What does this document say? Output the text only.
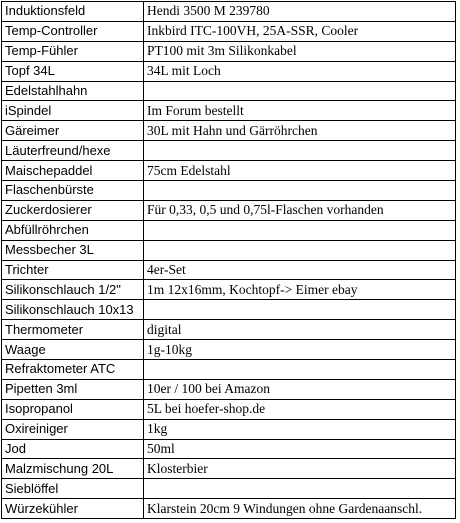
Induktionsfeld	Hendi 3500 M 239780
Temp-Controller	Inkbird ITC-100VH, 25A-SSR, Cooler
Temp-Fühler	PT100 mit 3m Silikonkabel
Topf 34L	34L mit Loch
Edelstahlhahn	
iSpindel	Im Forum bestellt
Gäreimer	30L mit Hahn und Gärröhrchen
Läuterfreund/hexe	
Maischepaddel	75cm Edelstahl
Flaschenbürste	
Zuckerdosierer	Für 0,33, 0,5 und 0,75l-Flaschen vorhanden
Abfüllröhrchen	
Messbecher 3L	
Trichter	4er-Set
Silikonschlauch 1/2"	1m 12x16mm, Kochtopf-> Eimer ebay
Silikonschlauch 10x13	
Thermometer	digital
Waage	1g-10kg
Refraktometer ATC	
Pipetten 3ml	10er / 100 bei Amazon
Isopropanol	5L bei hoefer-shop.de
Oxireiniger	1kg
Jod	50ml
Malzmischung 20L	Klosterbier
Sieblöffel	
Würzekühler	Klarstein 20cm 9 Windungen ohne Gardenaanschl.
